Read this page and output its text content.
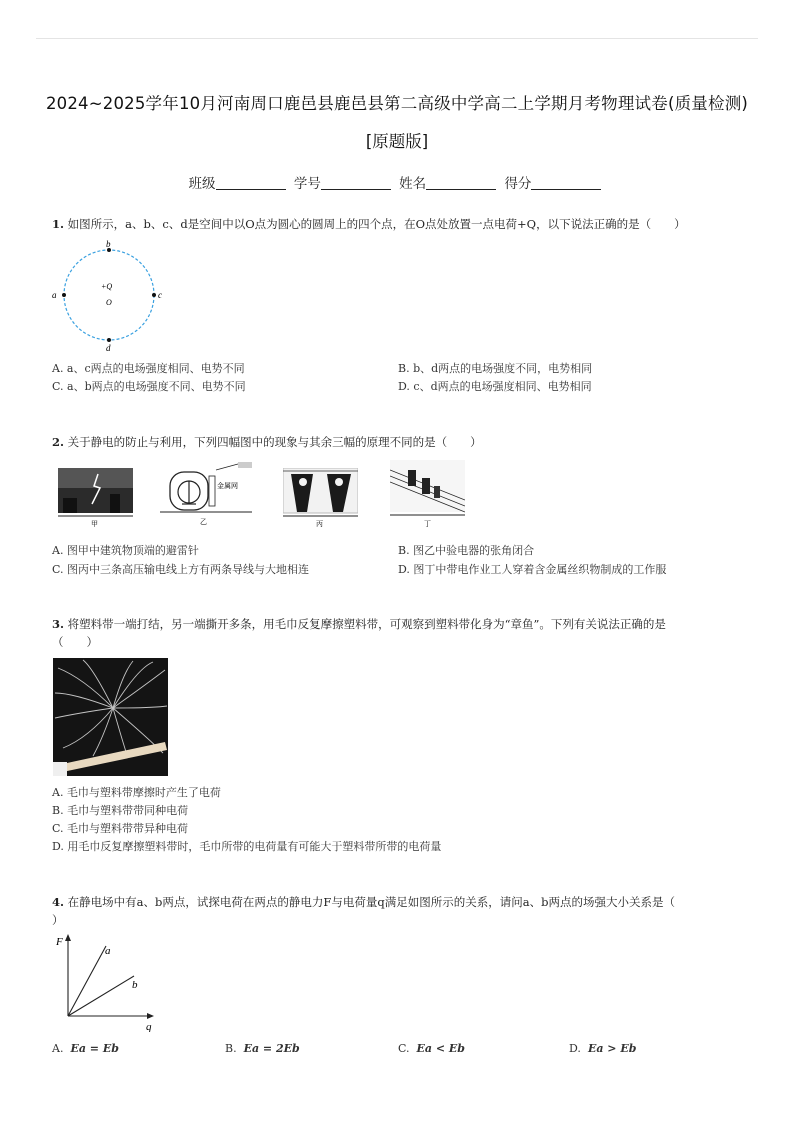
2024~2025学年10月河南周口鹿邑县鹿邑县第二高级中学高二上学期月考物理试卷(质量检测)
[原题版]
班级	学号	姓名	得分
1. 如图所示，a、b、c、d是空间中以O点为圆心的圆周上的四个点，在O点处放置一点电荷+Q，以下说法正确的是（　　）
b
d
a	c
+Q
O
A. a、c两点的电场强度相同、电势不同	B. b、d两点的电场强度不同，电势相同
C. a、b两点的电场强度不同、电势不同	D. c、d两点的电场强度相同、电势相同
2. 关于静电的防止与利用，下列四幅图中的现象与其余三幅的原理不同的是（　　）
甲
金属网
乙	丙	丁
A. 图甲中建筑物顶端的避雷针	B. 图乙中验电器的张角闭合
C. 图丙中三条高压输电线上方有两条导线与大地相连	D. 图丁中带电作业工人穿着含金属丝织物制成的工作服
3. 将塑料带一端打结，另一端撕开多条，用毛巾反复摩擦塑料带，可观察到塑料带化身为“章鱼”。下列有关说法正确的是
（　　）
A. 毛巾与塑料带摩擦时产生了电荷
B. 毛巾与塑料带带同种电荷
C. 毛巾与塑料带带异种电荷
D. 用毛巾反复摩擦塑料带时，毛巾所带的电荷量有可能大于塑料带所带的电荷量
4. 在静电场中有a、b两点，试探电荷在两点的静电力F与电荷量q满足如图所示的关系，请问a、b两点的场强大小关系是（
）
F
q
a
b
A. Ea = Eb	B. Ea = 2Eb	C. Ea < Eb	D. Ea > Eb
